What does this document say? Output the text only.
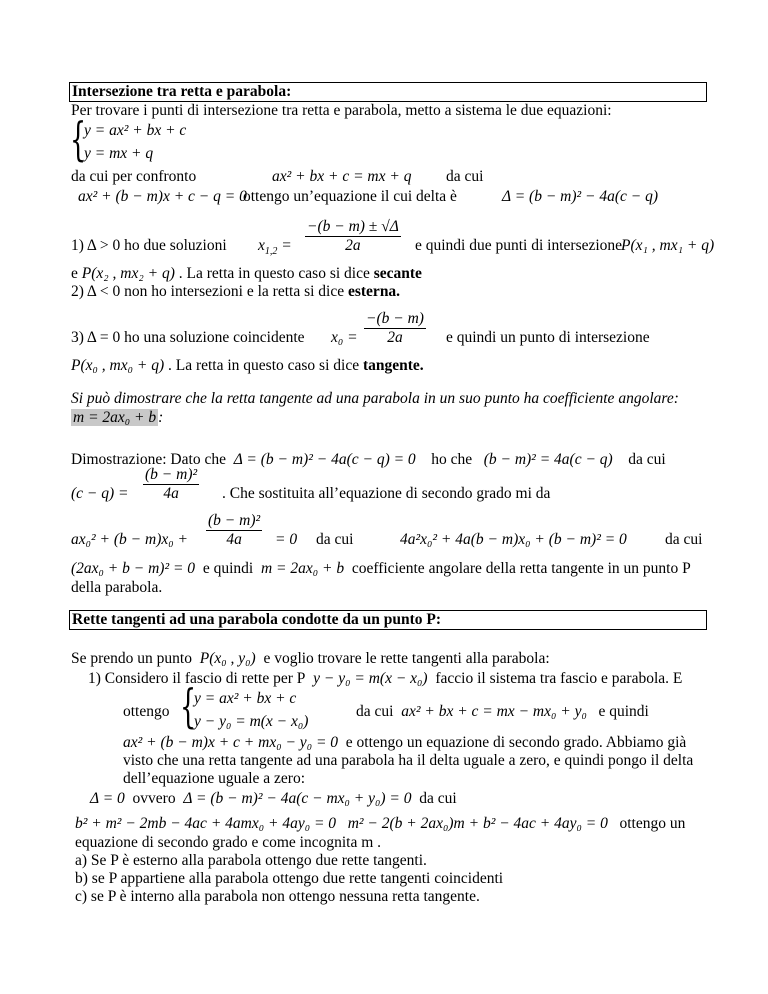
Intersezione tra retta e parabola:
Per trovare i punti di intersezione tra retta e parabola, metto a sistema le due equazioni:
{
y = ax² + bx + c
y = mx + q
da cui per confronto	ax² + bx + c = mx + q da cui
ax² + (b − m)x + c − q = 0
ottengo un’equazione il cui delta è	Δ = (b − m)² − 4a(c − q)
1) Δ > 0 ho due soluzioni $x_{1,2} = \frac{-(b - m) \pm √\Delta}{2a}$ e quindi due punti di intersezione
P(x₁ , mx₁ + q)
e P(x₂ , mx₂ + q) . La retta in questo caso si dice secante
2) Δ < 0 non ho intersezioni e la retta si dice esterna.
3) Δ = 0 ho una soluzione coincidente $x_0 = \frac{-(b - m)}{2a}$ e quindi un punto di intersezione
P(x₀ , mx₀ + q) . La retta in questo caso si dice tangente.
Si può dimostrare che la retta tangente ad una parabola in un suo punto ha coefficiente angolare:
m = 2ax₀ + b :
Dimostrazione: Dato che Δ = (b − m)² − 4a(c − q) = 0 ho che (b − m)² = 4a(c − q) da cui
$(c - q) = \frac{\text{(b − m)²}}{4a}$ . Che sostituita all’equazione di secondo grado mi da
$ax_0^2 + (b - m)x_0 + \frac{\text{(b − m)²}}{4a} = 0$ da cui	4a²x₀² + 4a(b − m)x₀ + (b − m)² = 0 da cui
(2ax₀ + b − m)² = 0 e quindi m = 2ax₀ + b coefficiente angolare della retta tangente in un punto P
della parabola.
Rette tangenti ad una parabola condotte da un punto P:
Se prendo un punto P(x₀ , y₀) e voglio trovare le rette tangenti alla parabola:
1) Considero il fascio di rette per P y − y₀ = m(x − x₀) faccio il sistema tra fascio e parabola. E
ottengo {
y = ax² + bx + c
y − y₀ = m(x − x₀)
da cui ax² + bx + c = mx − mx₀ + y₀ e quindi
ax² + (b − m)x + c + mx₀ − y₀ = 0 e ottengo un equazione di secondo grado. Abbiamo già
visto che una retta tangente ad una parabola ha il delta uguale a zero, e quindi pongo il delta
dell’equazione uguale a zero:
Δ = 0 ovvero Δ = (b − m)² − 4a(c − mx₀ + y₀) = 0 da cui
b² + m² − 2mb − 4ac + 4amx₀ + 4ay₀ = 0 m² − 2(b + 2ax₀)m + b² − 4ac + 4ay₀ = 0 ottengo un
equazione di secondo grado e come incognita m .
a) Se P è esterno alla parabola ottengo due rette tangenti.
b) se P appartiene alla parabola ottengo due rette tangenti coincidenti
c) se P è interno alla parabola non ottengo nessuna retta tangente.
